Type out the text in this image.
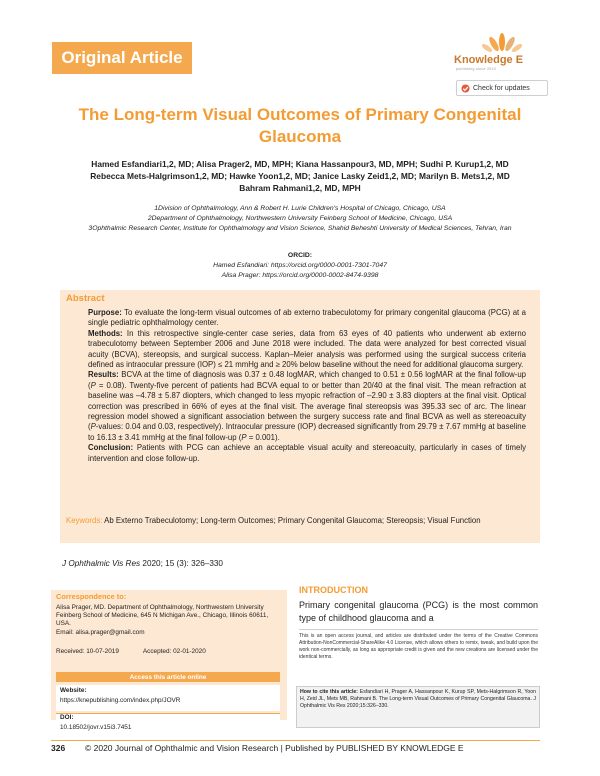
Original Article	Knowledge E
publishing since 2013
Check for updates
The Long-term Visual Outcomes of Primary Congenital Glaucoma
Hamed Esfandiari1,2, MD; Alisa Prager2, MD, MPH; Kiana Hassanpour3, MD, MPH; Sudhi P. Kurup1,2, MD
Rebecca Mets-Halgrimson1,2, MD; Hawke Yoon1,2, MD; Janice Lasky Zeid1,2, MD; Marilyn B. Mets1,2, MD
Bahram Rahmani1,2, MD, MPH
1Division of Ophthalmology, Ann & Robert H. Lurie Children's Hospital of Chicago, Chicago, USA
2Department of Ophthalmology, Northwestern University Feinberg School of Medicine, Chicago, USA
3Ophthalmic Research Center, Institute for Ophthalmology and Vision Science, Shahid Beheshti University of Medical Sciences, Tehran, Iran
ORCID:
Hamed Esfandiari: https://orcid.org/0000-0001-7301-7047
Alisa Prager: https://orcid.org/0000-0002-8474-9398
Abstract

Purpose: To evaluate the long-term visual outcomes of ab externo trabeculotomy for primary congenital glaucoma (PCG) at a single pediatric ophthalmology center.

Methods: In this retrospective single-center case series, data from 63 eyes of 40 patients who underwent ab externo trabeculotomy between September 2006 and June 2018 were included. The data were analyzed for best corrected visual acuity (BCVA), stereopsis, and surgical success. Kaplan–Meier analysis was performed using the surgical success criteria defined as intraocular pressure (IOP) ≤ 21 mmHg and ≥ 20% below baseline without the need for additional glaucoma surgery.

Results: BCVA at the time of diagnosis was 0.37 ± 0.48 logMAR, which changed to 0.51 ± 0.56 logMAR at the final follow-up (P = 0.08). Twenty-five percent of patients had BCVA equal to or better than 20/40 at the final visit. The mean refraction at baseline was –4.78 ± 5.87 diopters, which changed to less myopic refraction of –2.90 ± 3.83 diopters at the final visit. Optical correction was prescribed in 66% of eyes at the final visit. The average final stereopsis was 395.33 sec of arc. The linear regression model showed a significant association between the surgery success rate and final BCVA as well as stereoacuity (P-values: 0.04 and 0.03, respectively). Intraocular pressure (IOP) decreased significantly from 29.79 ± 7.67 mmHg at baseline to 16.13 ± 3.41 mmHg at the final follow-up (P = 0.001).

Conclusion: Patients with PCG can achieve an acceptable visual acuity and stereoacuity, particularly in cases of timely intervention and close follow-up.

Keywords: Ab Externo Trabeculotomy; Long-term Outcomes; Primary Congenital Glaucoma; Stereopsis; Visual Function
J Ophthalmic Vis Res 2020; 15 (3): 326–330
Correspondence to:
Alisa Prager, MD. Department of Ophthalmology, Northwestern University Feinberg School of Medicine, 645 N Michigan Ave., Chicago, Illinois 60611, USA.
Email: alisa.prager@gmail.com
Received: 10-07-2019	Accepted: 02-01-2020
Access this article online
Website:
https://knepublishing.com/index.php/JOVR
DOI:
10.18502/jovr.v15i3.7451
INTRODUCTION
Primary congenital glaucoma (PCG) is the most common type of childhood glaucoma and a
This is an open access journal, and articles are distributed under the terms of the Creative Commons Attribution-NonCommercial-ShareAlike 4.0 License, which allows others to remix, tweak, and build upon the work non-commercially, as long as appropriate credit is given and the new creations are licensed under the identical terms.
How to cite this article: Esfandiari H, Prager A, Hassanpour K, Kurup SP, Mets-Halgrimson R, Yoon H, Zeid JL, Mets MB, Rahmani B. The Long-term Visual Outcomes of Primary Congenital Glaucoma. J Ophthalmic Vis Res 2020;15:326–330.
326 © 2020 Journal of Ophthalmic and Vision Research | Published by PUBLISHED BY KNOWLEDGE E
